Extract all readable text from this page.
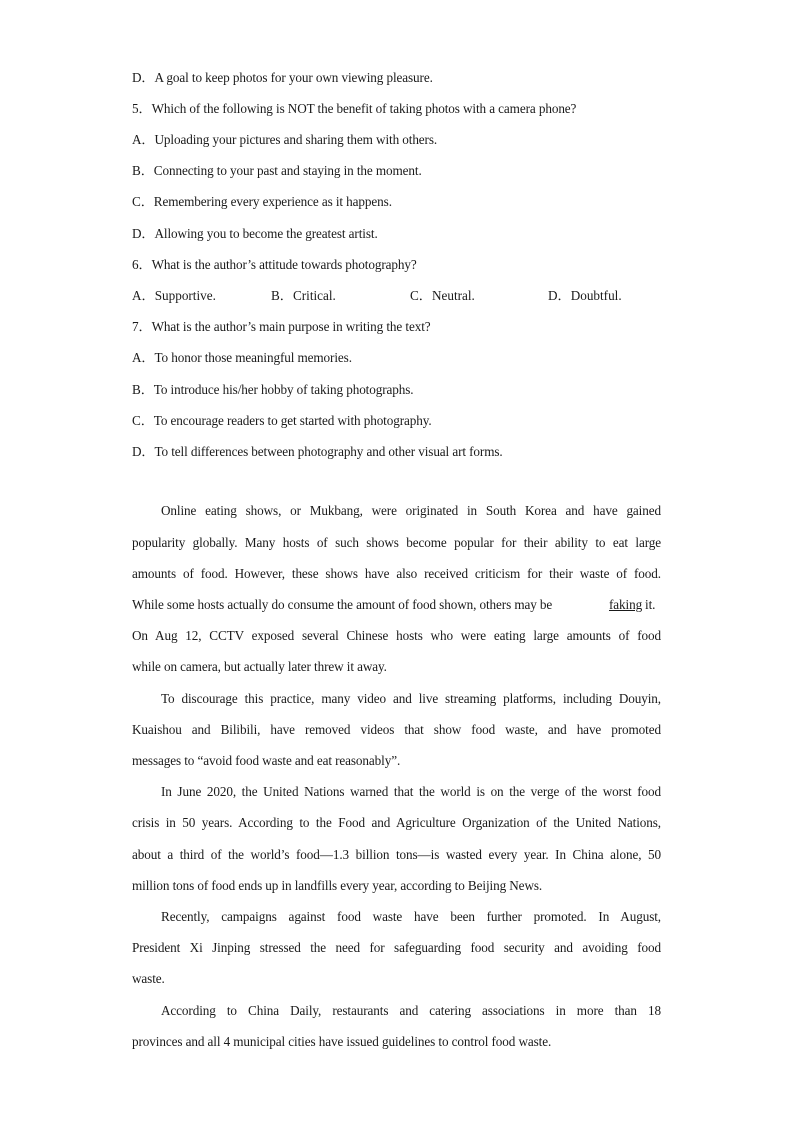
D．A goal to keep photos for your own viewing pleasure.
5．Which of the following is NOT the benefit of taking photos with a camera phone?
A．Uploading your pictures and sharing them with others.
B．Connecting to your past and staying in the moment.
C．Remembering every experience as it happens.
D．Allowing you to become the greatest artist.
6．What is the author’s attitude towards photography?
A．Supportive.	B．Critical.	C．Neutral.	D．Doubtful.
7．What is the author’s main purpose in writing the text?
A．To honor those meaningful memories.
B．To introduce his/her hobby of taking photographs.
C．To encourage readers to get started with photography.
D．To tell differences between photography and other visual art forms.
Online eating shows, or Mukbang, were originated in South Korea and have gained
popularity globally. Many hosts of such shows become popular for their ability to eat large
amounts of food. However, these shows have also received criticism for their waste of food.
While some hosts actually do consume the amount of food shown, others may be	faking it.
On Aug 12, CCTV exposed several Chinese hosts who were eating large amounts of food
while on camera, but actually later threw it away.
To discourage this practice, many video and live streaming platforms, including Douyin,
Kuaishou and Bilibili, have removed videos that show food waste, and have promoted
messages to “avoid food waste and eat reasonably”.
In June 2020, the United Nations warned that the world is on the verge of the worst food
crisis in 50 years. According to the Food and Agriculture Organization of the United Nations,
about a third of the world’s food—1.3 billion tons—is wasted every year. In China alone, 50
million tons of food ends up in landfills every year, according to Beijing News.
Recently, campaigns against food waste have been further promoted. In August,
President Xi Jinping stressed the need for safeguarding food security and avoiding food
waste.
According to China Daily, restaurants and catering associations in more than 18
provinces and all 4 municipal cities have issued guidelines to control food waste.
